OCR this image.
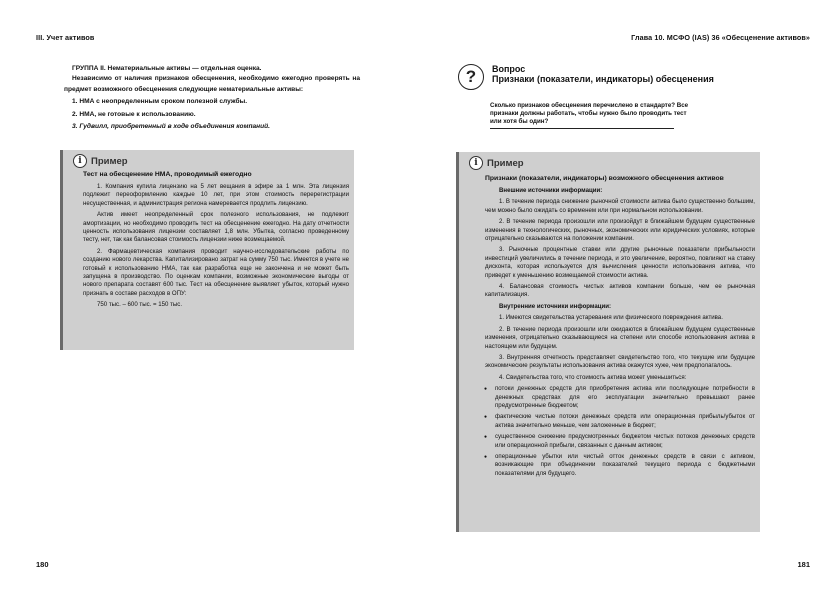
III. Учет активов
ГРУППА II. Нематериальные активы — отдельная оценка.
Независимо от наличия признаков обесценения, необходимо ежегодно проверять на предмет возможного обесценения следующие нематериальные активы:
1. НМА с неопределенным сроком полезной службы.
2. НМА, не готовые к использованию.
3. Гудвилл, приобретенный в ходе объединения компаний.
i Пример
Тест на обесценение НМА, проводимый ежегодно

1. Компания купила лицензию на 5 лет вещания в эфире за 1 млн. Эта лицензия подлежит переоформлению каждые 10 лет, при этом стоимость перерегистрации несущественная, и администрация региона намеревается продлить лицензию.

Актив имеет неопределенный срок полезного использования, не подлежит амортизации, но необходимо проводить тест на обесценение ежегодно. На дату отчетности ценность использования лицензии составляет 1,8 млн. Убытка, согласно проведенному тесту, нет, так как балансовая стоимость лицензии ниже возмещаемой.

2. Фармацевтическая компания проводит научно-исследовательские работы по созданию нового лекарства. Капитализировано затрат на сумму 750 тыс. Имеется в учете не готовый к использованию НМА, так как разработка еще не закончена и не может быть запущена в производство. По оценкам компании, возможные экономические выгоды от нового препарата составят 600 тыс. Тест на обесценение выявляет убыток, который нужно признать в составе расходов в ОПУ:

750 тыс. – 600 тыс. = 150 тыс.

180
Глава 10. МСФО (IAS) 36 «Обесценение активов»
181
?	Вопрос
Признаки (показатели, индикаторы) обесценения
Сколько признаков обесценения перечислено в стандарте? Все признаки должны работать, чтобы нужно было проводить тест или хотя бы один?
i Пример
Признаки (показатели, индикаторы) возможного обесценения активов
Внешние источники информации:

1. В течение периода снижение рыночной стоимости актива было существенно большим, чем можно было ожидать со временем или при нормальном использовании.

2. В течение периода произошли или произойдут в ближайшем будущем существенные изменения в технологических, рыночных, экономических или юридических условиях, которые отрицательно сказываются на положении компании.

3. Рыночные процентные ставки или другие рыночные показатели прибыльности инвестиций увеличились в течение периода, и это увеличение, вероятно, повлияют на ставку дисконта, которая используется для вычисления ценности использования актива, что приведет к уменьшению возмещаемой стоимости актива.

4. Балансовая стоимость чистых активов компании больше, чем ее рыночная капитализация.

Внутренние источники информации:

1. Имеются свидетельства устаревания или физического повреждения актива.

2. В течение периода произошли или ожидаются в ближайшем будущем существенные изменения, отрицательно сказывающиеся на степени или способе использования актива в настоящем или будущем.

3. Внутренняя отчетность представляет свидетельство того, что текущие или будущие экономические результаты использования актива окажутся хуже, чем предполагалось.

4. Свидетельства того, что стоимость актива может уменьшиться:

● потоки денежных средств для приобретения актива или последующие потребности в денежных средствах для его эксплуатации значительно превышают ранее предусмотренные бюджетом;

● фактические чистые потоки денежных средств или операционная прибыль/убыток от актива значительно меньше, чем заложенные в бюджет;

● существенное снижение предусмотренных бюджетом чистых потоков денежных средств или операционной прибыли, связанных с данным активом;

● операционные убытки или чистый отток денежных средств в связи с активом, возникающие при объединении показателей текущего периода с бюджетными показателями для будущего.
